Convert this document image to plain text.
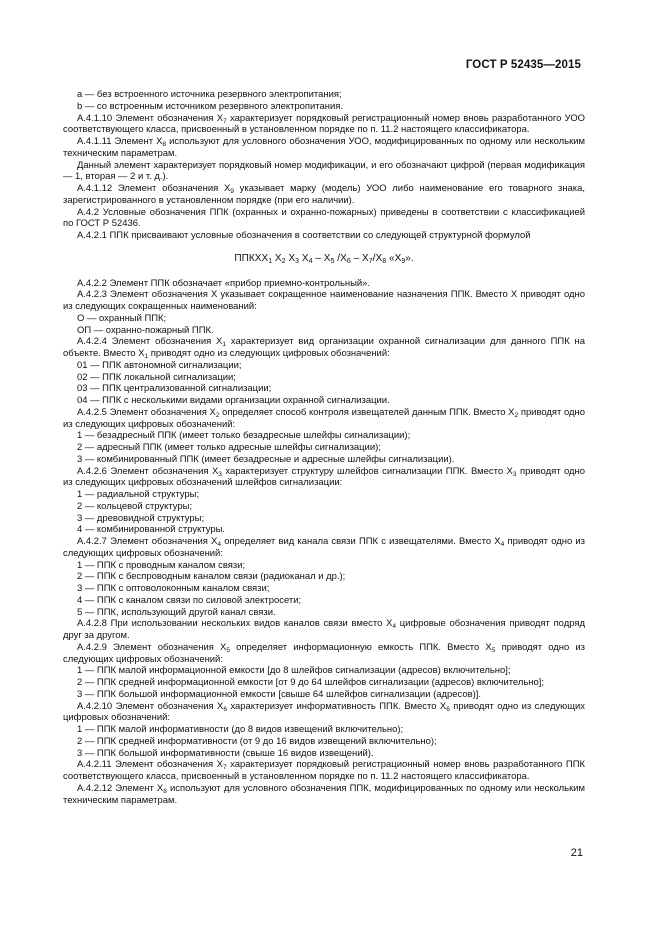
ГОСТ Р 52435—2015

a — без встроенного источника резервного электропитания;

b — со встроенным источником резервного электропитания.

А.4.1.10 Элемент обозначения $X_7$ характеризует порядковый регистрационный номер вновь разработанного УОО соответствующего класса, присвоенный в установленном порядке по п. 11.2 настоящего классификатора.

А.4.1.11 Элемент $X_8$ используют для условного обозначения УОО, модифицированных по одному или нескольким техническим параметрам.

Данный элемент характеризует порядковый номер модификации, и его обозначают цифрой (первая модификация — 1, вторая — 2 и т. д.).

А.4.1.12 Элемент обозначения $X_9$ указывает марку (модель) УОО либо наименование его товарного знака, зарегистрированного в установленном порядке (при его наличии).

А.4.2 Условные обозначения ППК (охранных и охранно-пожарных) приведены в соответствии с классификацией по ГОСТ Р 52436.

А.4.2.1 ППК присваивают условные обозначения в соответствии со следующей структурной формулой

$ППКХХ_1$ $Х_2$ $Х_3$ $Х_4 - Х_5$ $/Х_6 - Х_7/Х_8$ «$Х_9$».

А.4.2.2 Элемент ППК обозначает «прибор приемно-контрольный».

А.4.2.3 Элемент обозначения X указывает сокращенное наименование назначения ППК. Вместо X приводят одно из следующих сокращенных наименований:

О — охранный ППК;

ОП — охранно-пожарный ППК.

А.4.2.4 Элемент обозначения $X_1$ характеризует вид организации охранной сигнализации для данного ППК на объекте. Вместо $X_1$ приводят одно из следующих цифровых обозначений:

01 — ППК автономной сигнализации;

02 — ППК локальной сигнализации;

03 — ППК централизованной сигнализации;

04 — ППК с несколькими видами организации охранной сигнализации.

А.4.2.5 Элемент обозначения $X_2$ определяет способ контроля извещателей данным ППК. Вместо $X_2$ приводят одно из следующих цифровых обозначений:

1 — безадресный ППК (имеет только безадресные шлейфы сигнализации);

2 — адресный ППК (имеет только адресные шлейфы сигнализации);

3 — комбинированный ППК (имеет безадресные и адресные шлейфы сигнализации).

А.4.2.6 Элемент обозначения $X_3$ характеризует структуру шлейфов сигнализации ППК. Вместо $X_3$ приводят одно из следующих цифровых обозначений шлейфов сигнализации:

1 — радиальной структуры;

2 — кольцевой структуры;

3 — древовидной структуры;

4 — комбинированной структуры.

А.4.2.7 Элемент обозначения $X_4$ определяет вид канала связи ППК с извещателями. Вместо $X_4$ приводят одно из следующих цифровых обозначений:

1 — ППК с проводным каналом связи;

2 — ППК с беспроводным каналом связи (радиоканал и др.);

3 — ППК с оптоволоконным каналом связи;

4 — ППК с каналом связи по силовой электросети;

5 — ППК, использующий другой канал связи.

А.4.2.8 При использовании нескольких видов каналов связи вместо $X_4$ цифровые обозначения приводят подряд друг за другом.

А.4.2.9 Элемент обозначения $X_5$ определяет информационную емкость ППК. Вместо $X_5$ приводят одно из следующих цифровых обозначений:

1 — ППК малой информационной емкости [до 8 шлейфов сигнализации (адресов) включительно];

2 — ППК средней информационной емкости [от 9 до 64 шлейфов сигнализации (адресов) включительно];

3 — ППК большой информационной емкости [свыше 64 шлейфов сигнализации (адресов)].

А.4.2.10 Элемент обозначения $X_6$ характеризует информативность ППК. Вместо $X_6$ приводят одно из следующих цифровых обозначений:

1 — ППК малой информативности (до 8 видов извещений включительно);

2 — ППК средней информативности (от 9 до 16 видов извещений включительно);

3 — ППК большой информативности (свыше 16 видов извещений).

А.4.2.11 Элемент обозначения $X_7$ характеризует порядковый регистрационный номер вновь разработанного ППК соответствующего класса, присвоенный в установленном порядке по п. 11.2 настоящего классификатора.

А.4.2.12 Элемент $X_8$ используют для условного обозначения ППК, модифицированных по одному или нескольким техническим параметрам.

21
